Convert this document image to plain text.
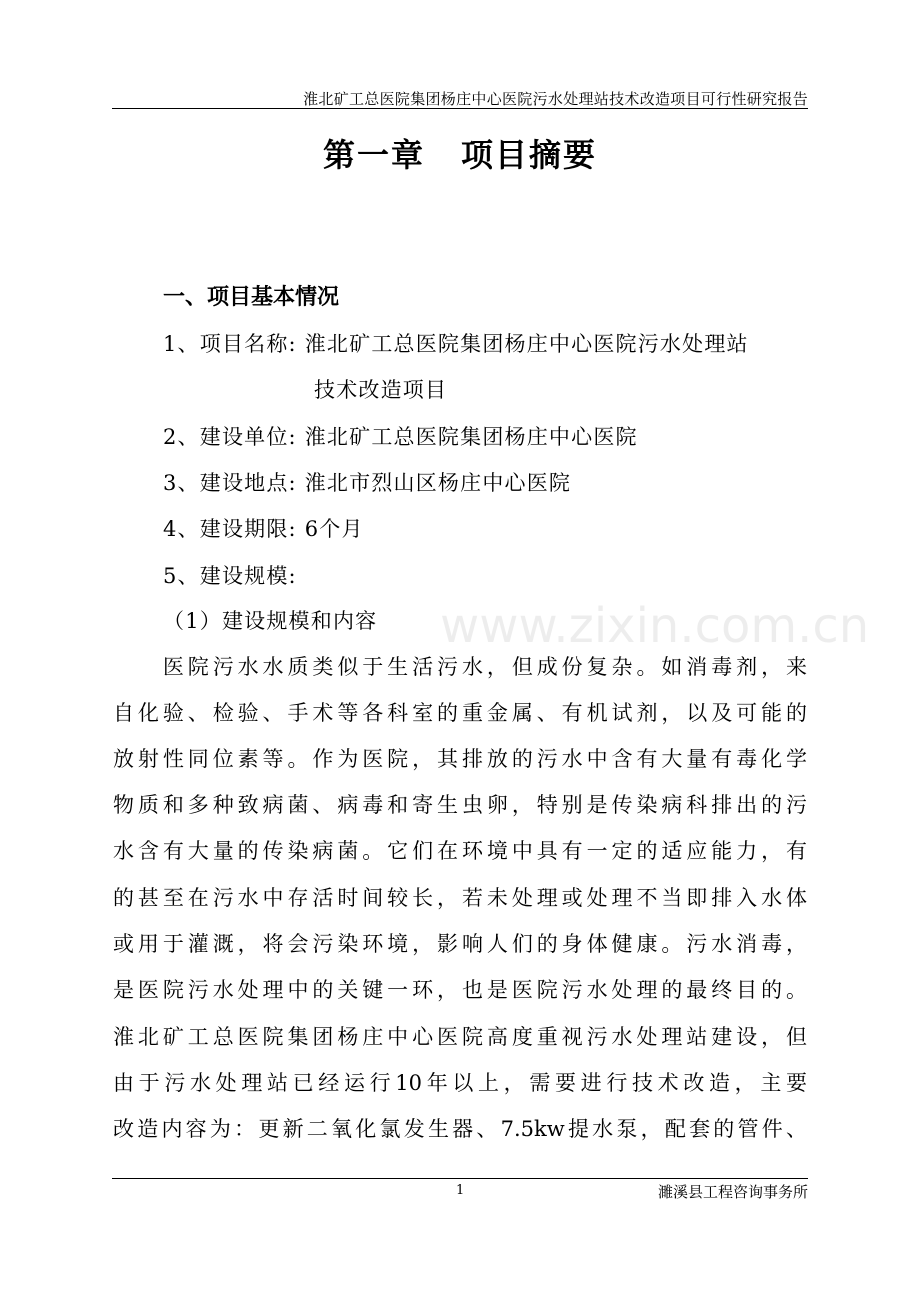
淮北矿工总医院集团杨庄中心医院污水处理站技术改造项目可行性研究报告
第一章 项目摘要
一、项目基本情况
1、项目名称: 淮北矿工总医院集团杨庄中心医院污水处理站
技术改造项目
2、建设单位: 淮北矿工总医院集团杨庄中心医院
3、建设地点: 淮北市烈山区杨庄中心医院
4、建设期限: 6个月
5、建设规模:
（1）建设规模和内容 www.zixin.com.cn
　　医院污水水质类似于生活污水，但成份复杂。如消毒剂，来
自化验、检验、手术等各科室的重金属、有机试剂，以及可能的
放射性同位素等。作为医院，其排放的污水中含有大量有毒化学
物质和多种致病菌、病毒和寄生虫卵，特别是传染病科排出的污
水含有大量的传染病菌。它们在环境中具有一定的适应能力，有
的甚至在污水中存活时间较长，若未处理或处理不当即排入水体
或用于灌溉，将会污染环境，影响人们的身体健康。污水消毒，
是医院污水处理中的关键一环，也是医院污水处理的最终目的。
淮北矿工总医院集团杨庄中心医院高度重视污水处理站建设，但
由于污水处理站已经运行10年以上，需要进行技术改造，主要
改造内容为：更新二氧化氯发生器、7.5kw提水泵，配套的管件、
1	濉溪县工程咨询事务所
